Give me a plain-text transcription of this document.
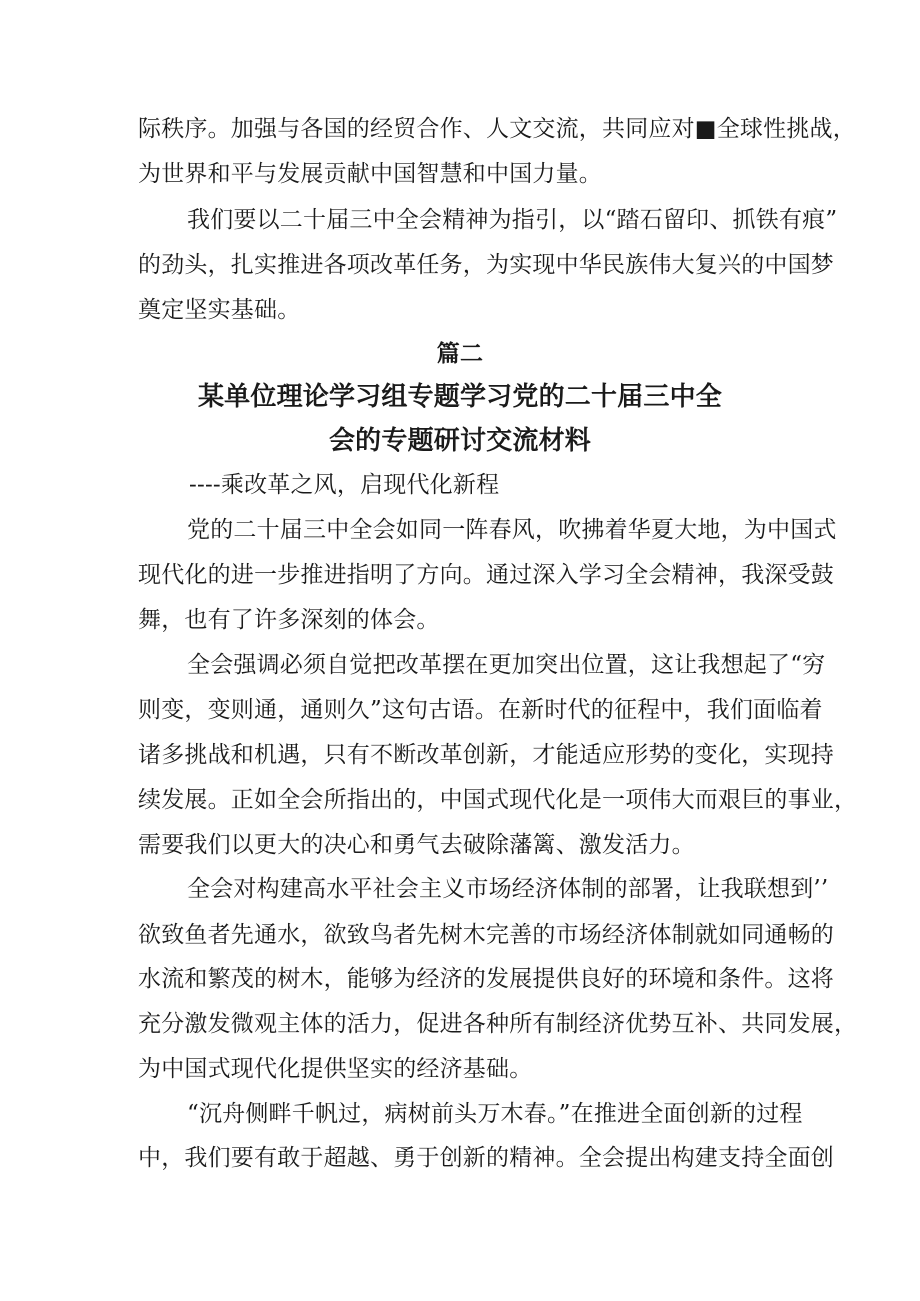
际秩序。加强与各国的经贸合作、人文交流，共同应对■全球性挑战，
为世界和平与发展贡献中国智慧和中国力量。
我们要以二十届三中全会精神为指引，以“踏石留印、抓铁有痕”
的劲头，扎实推进各项改革任务，为实现中华民族伟大复兴的中国梦
奠定坚实基础。
篇二
某单位理论学习组专题学习党的二十届三中全
会的专题研讨交流材料
----乘改革之风，启现代化新程
党的二十届三中全会如同一阵春风，吹拂着华夏大地，为中国式
现代化的进一步推进指明了方向。通过深入学习全会精神，我深受鼓
舞，也有了许多深刻的体会。
全会强调必须自觉把改革摆在更加突出位置，这让我想起了“穷
则变，变则通，通则久”这句古语。在新时代的征程中，我们面临着
诸多挑战和机遇，只有不断改革创新，才能适应形势的变化，实现持
续发展。正如全会所指出的，中国式现代化是一项伟大而艰巨的事业，
需要我们以更大的决心和勇气去破除藩篱、激发活力。
全会对构建高水平社会主义市场经济体制的部署，让我联想到’’
欲致鱼者先通水，欲致鸟者先树木完善的市场经济体制就如同通畅的
水流和繁茂的树木，能够为经济的发展提供良好的环境和条件。这将
充分激发微观主体的活力，促进各种所有制经济优势互补、共同发展，
为中国式现代化提供坚实的经济基础。
“沉舟侧畔千帆过，病树前头万木春。”在推进全面创新的过程
中，我们要有敢于超越、勇于创新的精神。全会提出构建支持全面创
